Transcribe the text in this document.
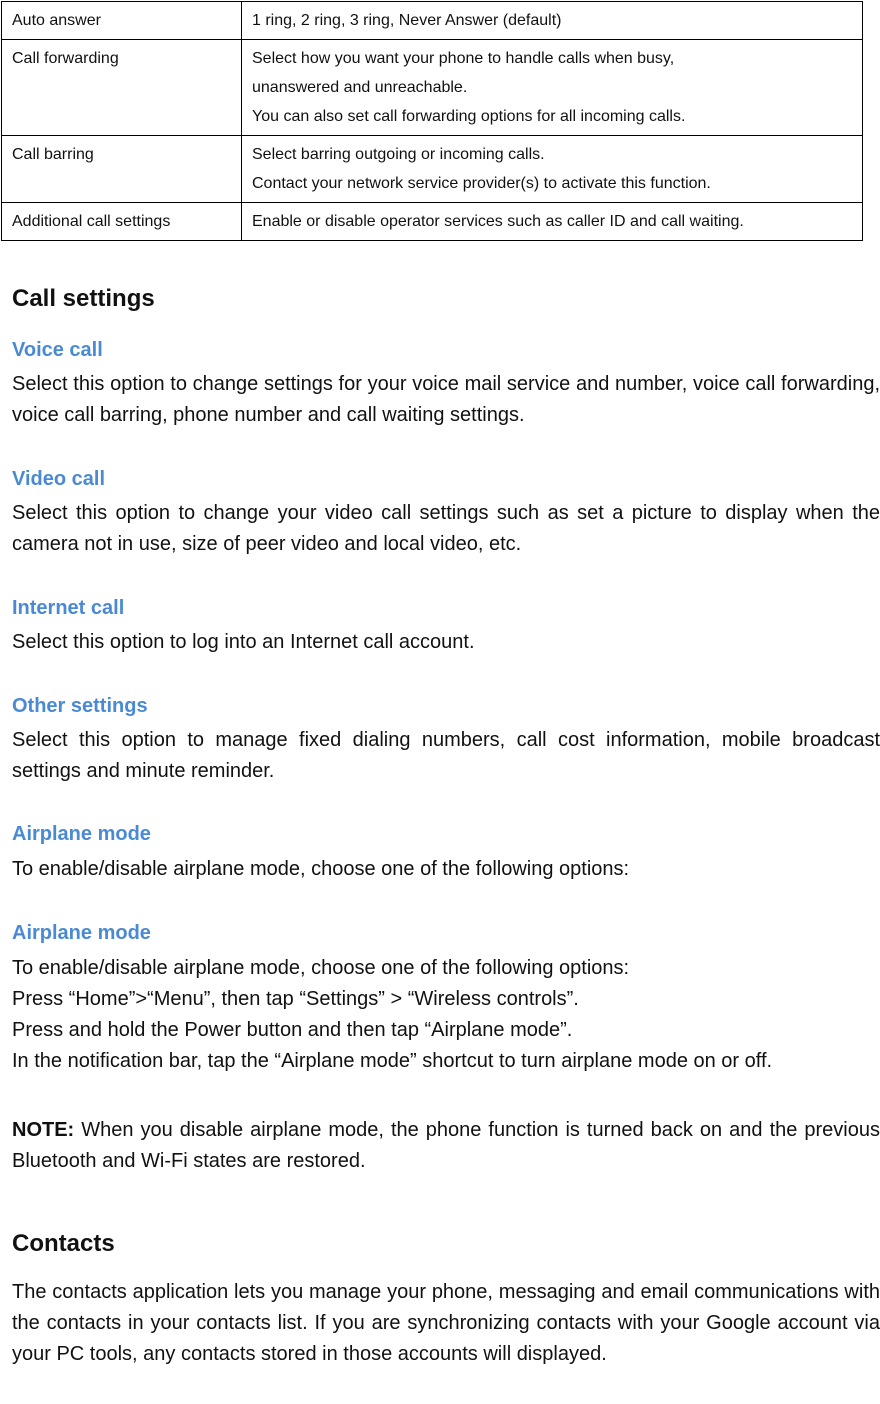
Auto answer	1 ring, 2 ring, 3 ring, Never Answer (default)

Call forwarding	Select how you want your phone to handle calls when busy,
unanswered and unreachable.
You can also set call forwarding options for all incoming calls.

Call barring	Select barring outgoing or incoming calls.
Contact your network service provider(s) to activate this function.

Additional call settings	Enable or disable operator services such as caller ID and call waiting.
Call settings
Voice call
Select this option to change settings for your voice mail service and number, voice call forwarding, voice call barring, phone number and call waiting settings.
Video call
Select this option to change your video call settings such as set a picture to display when the camera not in use, size of peer video and local video, etc.
Internet call
Select this option to log into an Internet call account.
Other settings
Select this option to manage fixed dialing numbers, call cost information, mobile broadcast settings and minute reminder.
Airplane mode
To enable/disable airplane mode, choose one of the following options:
Airplane mode
To enable/disable airplane mode, choose one of the following options:
Press “Home”>“Menu”, then tap “Settings” > “Wireless controls”.
Press and hold the Power button and then tap “Airplane mode”.
In the notification bar, tap the “Airplane mode” shortcut to turn airplane mode on or off.
NOTE: When you disable airplane mode, the phone function is turned back on and the previous Bluetooth and Wi-Fi states are restored.
Contacts
The contacts application lets you manage your phone, messaging and email communications with the contacts in your contacts list. If you are synchronizing contacts with your Google account via your PC tools, any contacts stored in those accounts will displayed.
